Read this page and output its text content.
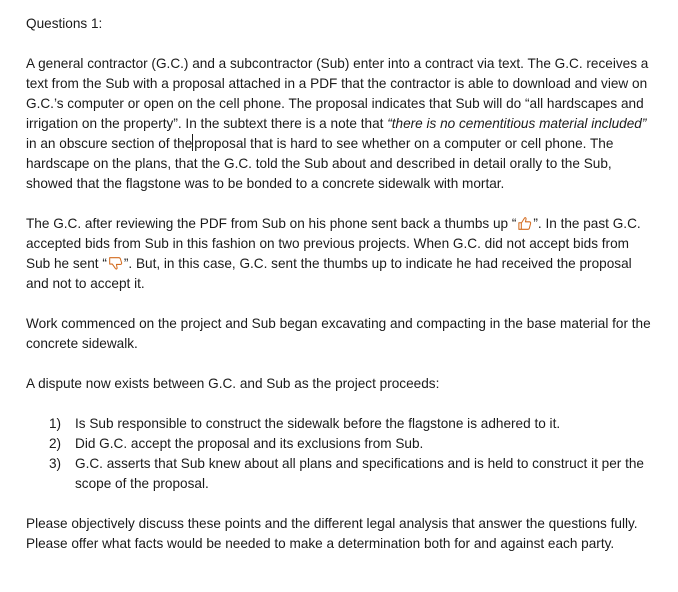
Questions 1:
A general contractor (G.C.) and a subcontractor (Sub) enter into a contract via text. The G.C. receives a text from the Sub with a proposal attached in a PDF that the contractor is able to download and view on G.C.’s computer or open on the cell phone. The proposal indicates that Sub will do “all hardscapes and irrigation on the property”. In the subtext there is a note that “there is no cementitious material included” in an obscure section of the proposal that is hard to see whether on a computer or cell phone. The hardscape on the plans, that the G.C. told the Sub about and described in detail orally to the Sub, showed that the flagstone was to be bonded to a concrete sidewalk with mortar.
The G.C. after reviewing the PDF from Sub on his phone sent back a thumbs up “ ”. In the past G.C. accepted bids from Sub in this fashion on two previous projects. When G.C. did not accept bids from Sub he sent “ ”. But, in this case, G.C. sent the thumbs up to indicate he had received the proposal and not to accept it.
Work commenced on the project and Sub began excavating and compacting in the base material for the concrete sidewalk.
A dispute now exists between G.C. and Sub as the project proceeds:
1) Is Sub responsible to construct the sidewalk before the flagstone is adhered to it.
2) Did G.C. accept the proposal and its exclusions from Sub.
3) G.C. asserts that Sub knew about all plans and specifications and is held to construct it per the scope of the proposal.
Please objectively discuss these points and the different legal analysis that answer the questions fully. Please offer what facts would be needed to make a determination both for and against each party.
